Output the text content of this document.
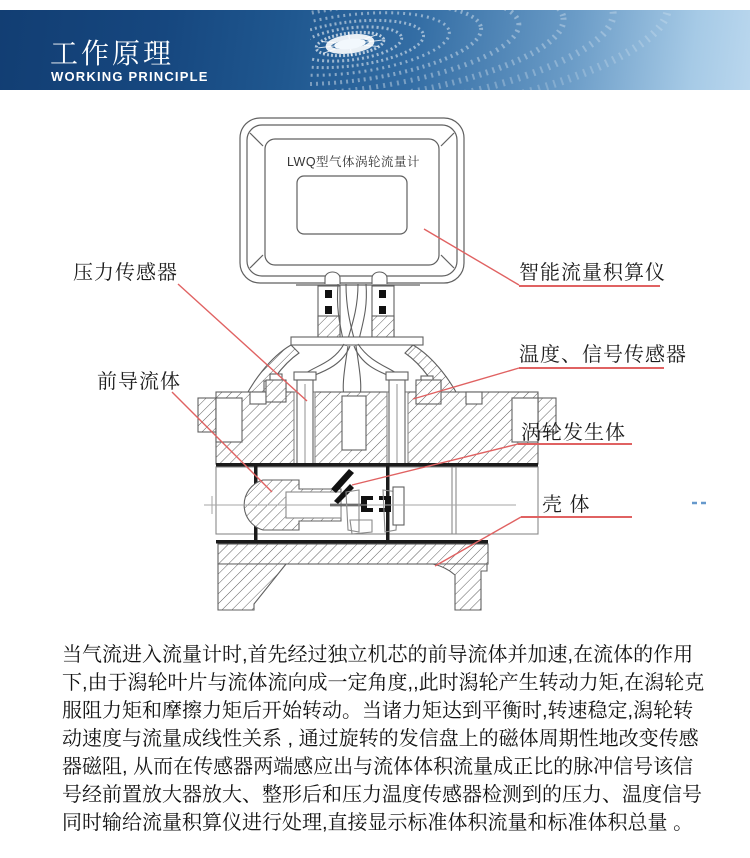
工作原理
WORKING PRINCIPLE
LWQ型气体涡轮流量计
压力传感器
前导流体
智能流量积算仪
温度、信号传感器
涡轮发生体
壳 体
当气流进入流量计时,首先经过独立机芯的前导流体并加速,在流体的作用
下,由于潟轮叶片与流体流向成一定角度,,此时潟轮产生转动力矩,在潟轮克
服阻力矩和摩擦力矩后开始转动。当诸力矩达到平衡时,转速稳定,潟轮转
动速度与流量成线性关系 , 通过旋转的发信盘上的磁体周期性地改变传感
器磁阻, 从而在传感器两端感应出与流体体积流量成正比的脉冲信号该信
号经前置放大器放大、整形后和压力温度传感器检测到的压力、温度信号
同时输给流量积算仪进行处理,直接显示标准体积流量和标准体积总量 。
